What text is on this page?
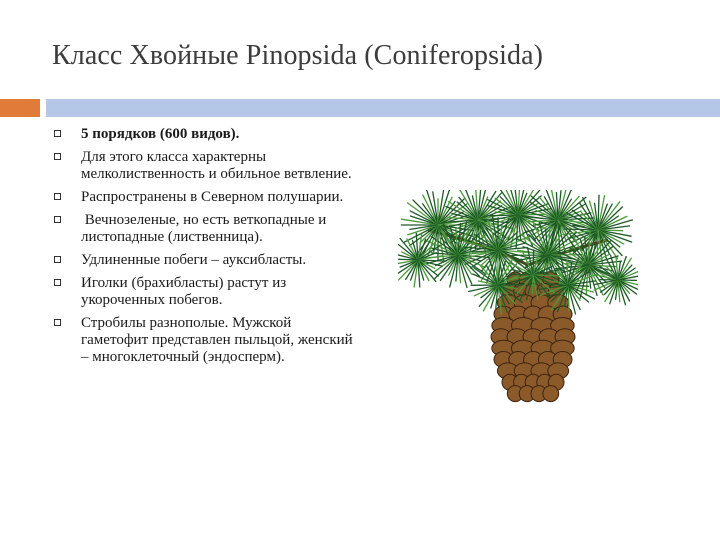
Класс Хвойные Pinopsida (Coniferopsida)
5 порядков (600 видов).
Для этого класса характерны мелколиственность и обильное ветвление.
Распространены в Северном полушарии.
Вечнозеленые, но есть веткопадные и листопадные (лиственница).
Удлиненные побеги – ауксибласты.
Иголки (брахибласты) растут из укороченных побегов.
Стробилы разнополые. Мужской гаметофит представлен пыльцой, женский – многоклеточный (эндосперм).
